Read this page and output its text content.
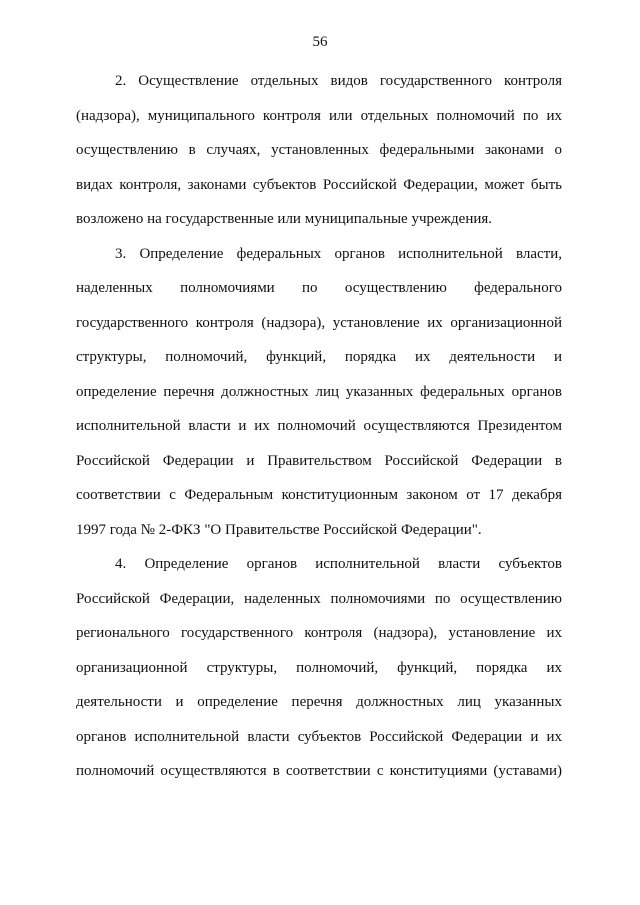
56
2. Осуществление отдельных видов государственного контроля
(надзора), муниципального контроля или отдельных полномочий по их
осуществлению в случаях, установленных федеральными законами о
видах контроля, законами субъектов Российской Федерации, может быть
возложено на государственные или муниципальные учреждения.
3. Определение федеральных органов исполнительной власти,
наделенных полномочиями по осуществлению федерального
государственного контроля (надзора), установление их организационной
структуры, полномочий, функций, порядка их деятельности и
определение перечня должностных лиц указанных федеральных органов
исполнительной власти и их полномочий осуществляются Президентом
Российской Федерации и Правительством Российской Федерации в
соответствии с Федеральным конституционным законом от 17 декабря
1997 года № 2-ФКЗ "О Правительстве Российской Федерации".
4. Определение органов исполнительной власти субъектов
Российской Федерации, наделенных полномочиями по осуществлению
регионального государственного контроля (надзора), установление их
организационной структуры, полномочий, функций, порядка их
деятельности и определение перечня должностных лиц указанных
органов исполнительной власти субъектов Российской Федерации и их
полномочий осуществляются в соответствии с конституциями (уставами)
